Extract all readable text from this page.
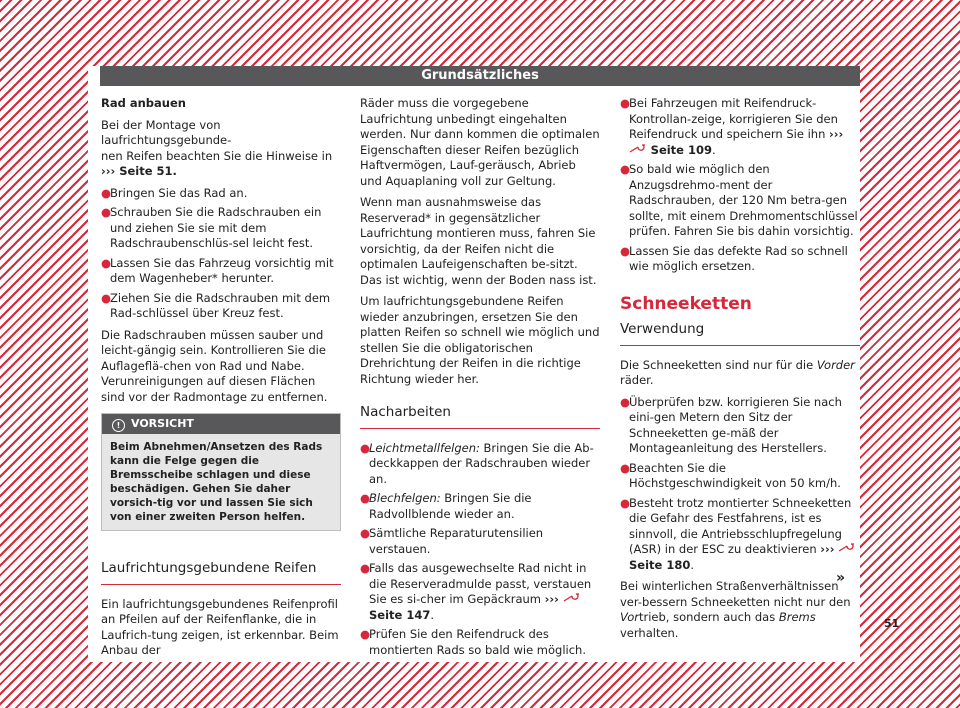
Grundsätzliches

Rad anbauen

Bei der Montage von laufrichtungsgebunde-
nen Reifen beachten Sie die Hinweise in
››› Seite 51.

●
Bringen Sie das Rad an.
●
Schrauben Sie die Radschrauben ein und ziehen Sie sie mit dem Radschraubenschlüs-sel leicht fest.
●
Lassen Sie das Fahrzeug vorsichtig mit dem Wagenheber* herunter.
●
Ziehen Sie die Radschrauben mit dem Rad-schlüssel über Kreuz fest.

Die Radschrauben müssen sauber und leicht-gängig sein. Kontrollieren Sie die Auflageflä-chen von Rad und Nabe. Verunreinigungen auf diesen Flächen sind vor der Radmontage zu entfernen.

! VORSICHT
Beim Abnehmen/Ansetzen des Rads kann die Felge gegen die Bremsscheibe schlagen und diese beschädigen. Gehen Sie daher vorsich-tig vor und lassen Sie sich von einer zweiten Person helfen.
Laufrichtungsgebundene Reifen

Ein laufrichtungsgebundenes Reifenprofil an Pfeilen auf der Reifenflanke, die in Laufrich-tung zeigen, ist erkennbar. Beim Anbau der

Räder muss die vorgegebene Laufrichtung unbedingt eingehalten werden. Nur dann kommen die optimalen Eigenschaften dieser Reifen bezüglich Haftvermögen, Lauf-geräusch, Abrieb und Aquaplaning voll zur Geltung.

Wenn man ausnahmsweise das Reserverad* in gegensätzlicher Laufrichtung montieren muss, fahren Sie vorsichtig, da der Reifen nicht die optimalen Laufeigenschaften be-sitzt. Das ist wichtig, wenn der Boden nass ist.

Um laufrichtungsgebundene Reifen wieder anzubringen, ersetzen Sie den platten Reifen so schnell wie möglich und stellen Sie die obligatorischen Drehrichtung der Reifen in die richtige Richtung wieder her.

Nacharbeiten
●
Leichtmetallfelgen: Bringen Sie die Ab-deckkappen der Radschrauben wieder an.
●
Blechfelgen: Bringen Sie die Radvollblende wieder an.
●
Sämtliche Reparaturutensilien verstauen.
●
Falls das ausgewechselte Rad nicht in die Reserveradmulde passt, verstauen Sie es si-cher im Gepäckraum ›››  Seite 147.
●
Prüfen Sie den Reifendruck des montierten Rads so bald wie möglich.
●
Bei Fahrzeugen mit Reifendruck-Kontrollan-zeige, korrigieren Sie den Reifendruck und speichern Sie ihn ›››  Seite 109.
●
So bald wie möglich den Anzugsdrehmo-ment der Radschrauben, der 120 Nm betra-gen sollte, mit einem Drehmomentschlüssel prüfen. Fahren Sie bis dahin vorsichtig.
●
Lassen Sie das defekte Rad so schnell wie möglich ersetzen.
Schneeketten
Verwendung

Die Schneeketten sind nur für die Vorder
räder.

●
Überprüfen bzw. korrigieren Sie nach eini-gen Metern den Sitz der Schneeketten ge-mäß der Montageanleitung des Herstellers.
●
Beachten Sie die Höchstgeschwindigkeit von 50 km/h.
●
Besteht trotz montierter Schneeketten die Gefahr des Festfahrens, ist es sinnvoll, die Antriebsschlupfregelung (ASR) in der ESC zu deaktivieren ›››  Seite 180.

Bei winterlichen Straßenverhältnissen ver-bessern Schneeketten nicht nur den Vortrieb, sondern auch das Brems verhalten.

»
51
